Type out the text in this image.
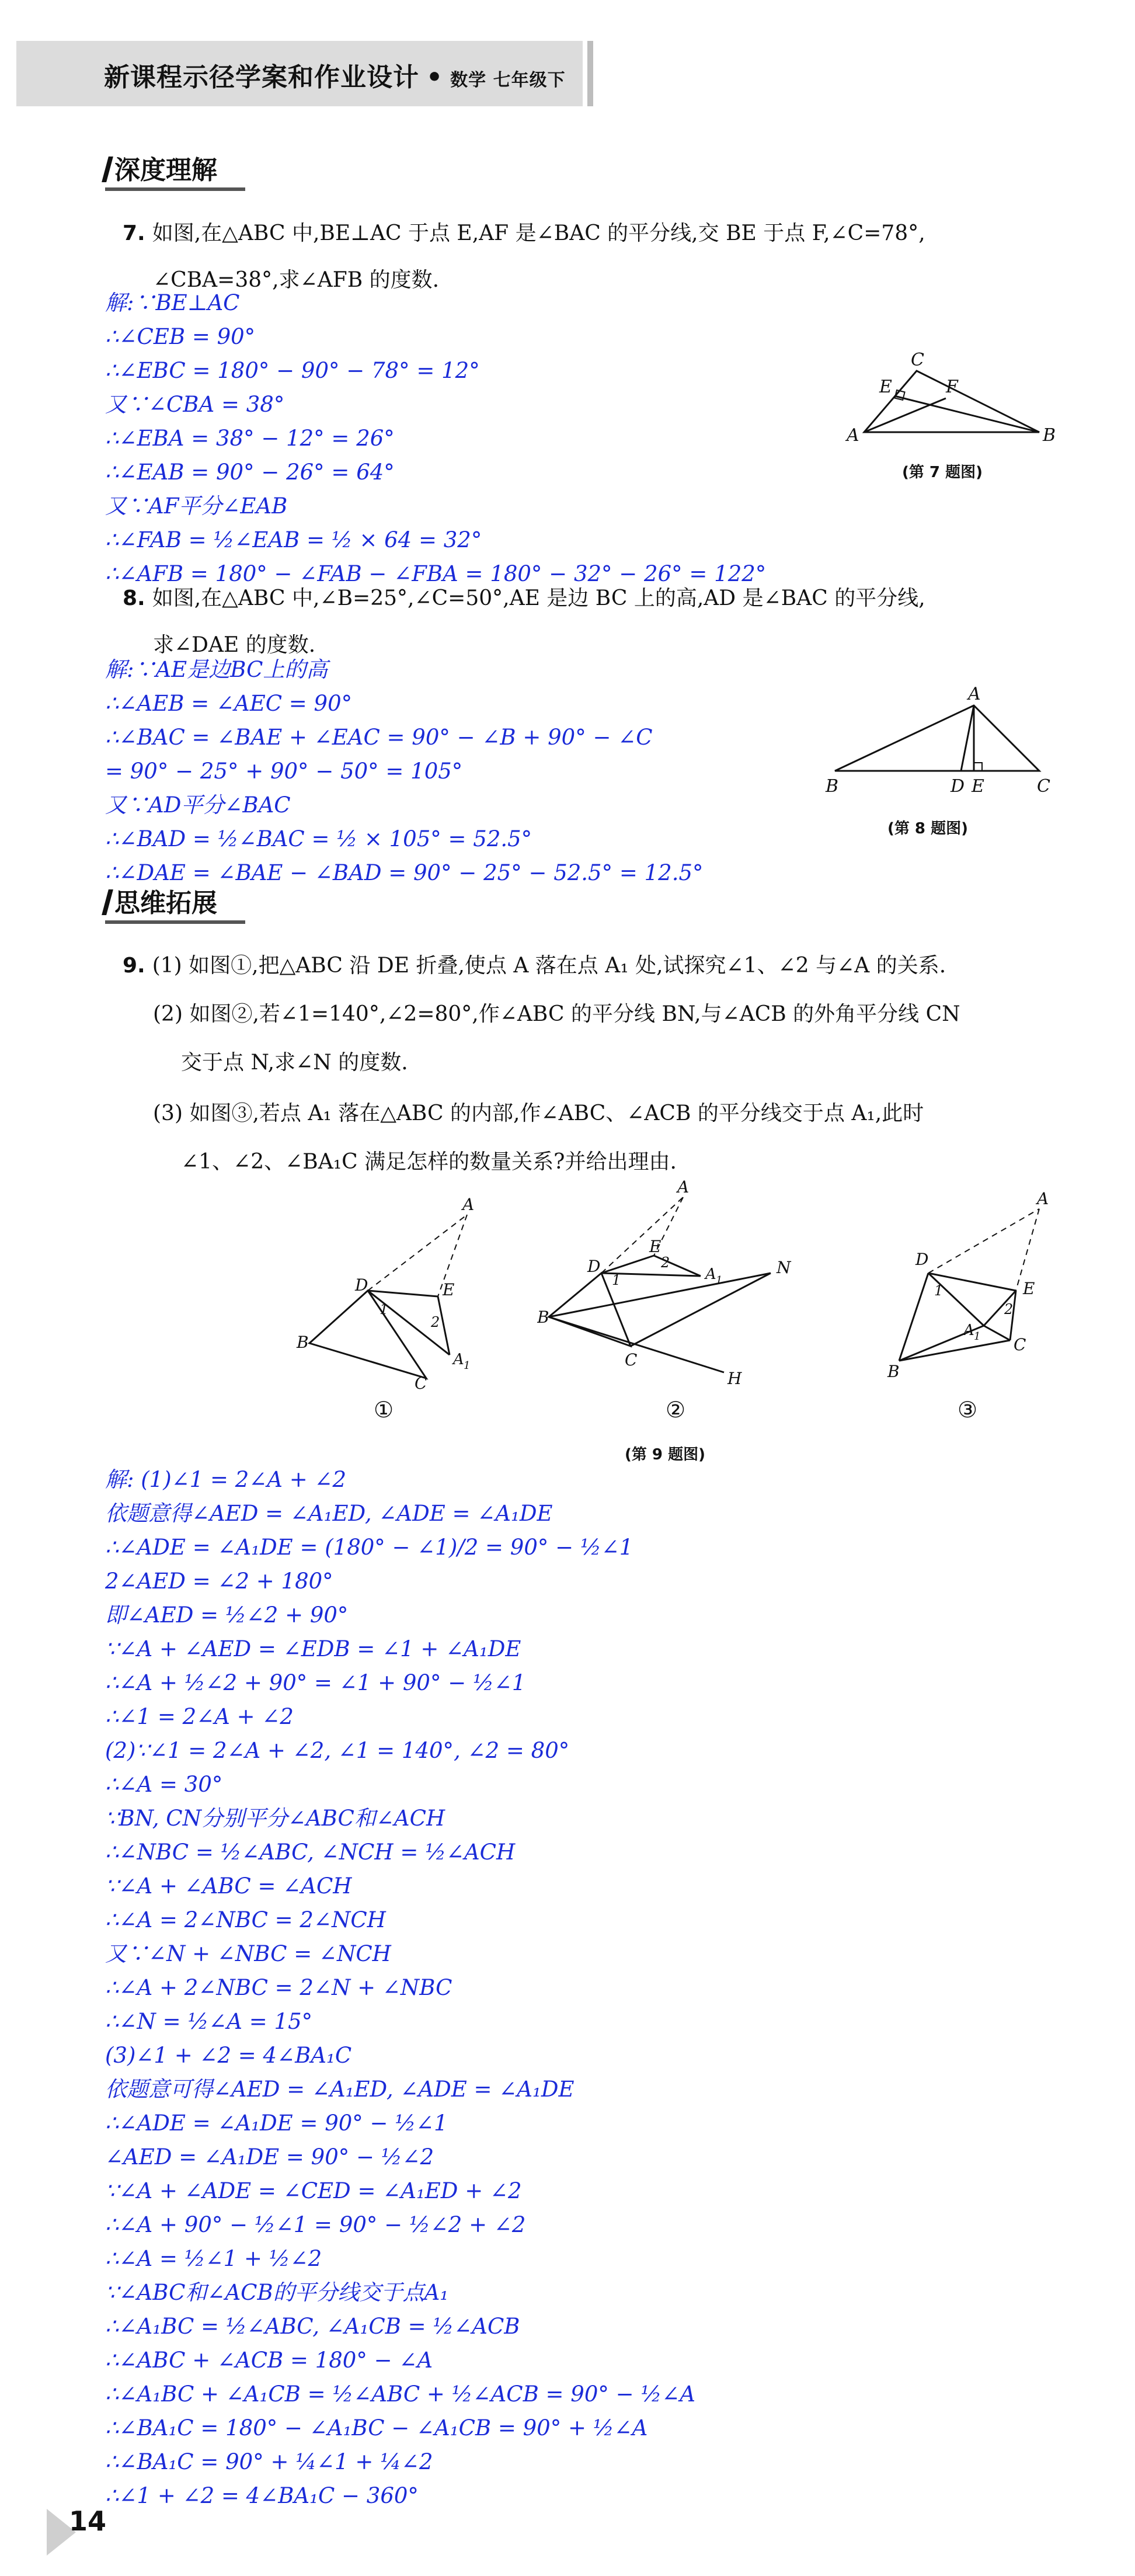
新课程示径学案和作业设计 • 数学 七年级下
深度理解
7. 如图,在△ABC 中,BE⊥AC 于点 E,AF 是∠BAC 的平分线,交 BE 于点 F,∠C=78°,
∠CBA=38°,求∠AFB 的度数.
解:∵BE⊥AC
∴∠CEB = 90°
∴∠EBC = 180° − 90° − 78° = 12°
又∵∠CBA = 38°
∴∠EBA = 38° − 12° = 26°
∴∠EAB = 90° − 26° = 64°
又∵AF平分∠EAB
∴∠FAB = ½∠EAB = ½ × 64 = 32°
∴∠AFB = 180° − ∠FAB − ∠FBA = 180° − 32° − 26° = 122°
C
E	F
A	B
(第 7 题图)
8. 如图,在△ABC 中,∠B=25°,∠C=50°,AE 是边 BC 上的高,AD 是∠BAC 的平分线,
求∠DAE 的度数.
解:∵AE是边BC上的高
∴∠AEB = ∠AEC = 90°
∴∠BAC = ∠BAE + ∠EAC = 90° − ∠B + 90° − ∠C
= 90° − 25° + 90° − 50° = 105°
又∵AD平分∠BAC
∴∠BAD = ½∠BAC = ½ × 105° = 52.5°
∴∠DAE = ∠BAE − ∠BAD = 90° − 25° − 52.5° = 12.5°
A
B	D E	C
(第 8 题图)
思维拓展
9. (1) 如图①,把△ABC 沿 DE 折叠,使点 A 落在点 A₁ 处,试探究∠1、∠2 与∠A 的关系.
(2) 如图②,若∠1=140°,∠2=80°,作∠ABC 的平分线 BN,与∠ACB 的外角平分线 CN
交于点 N,求∠N 的度数.
(3) 如图③,若点 A₁ 落在△ABC 的内部,作∠ABC、∠ACB 的平分线交于点 A₁,此时
∠1、∠2、∠BA₁C 满足怎样的数量关系?并给出理由.
A
D	E
1
2
B
C
A 1
A
D
E
1
2
A 1
N
B
C
H
A
D
E
1
2
A 1
B
C
①	②	③
(第 9 题图)
解: (1)∠1 = 2∠A + ∠2
依题意得∠AED = ∠A₁ED, ∠ADE = ∠A₁DE
∴∠ADE = ∠A₁DE = (180° − ∠1)/2 = 90° − ½∠1
2∠AED = ∠2 + 180°
即∠AED = ½∠2 + 90°
∵∠A + ∠AED = ∠EDB = ∠1 + ∠A₁DE
∴∠A + ½∠2 + 90° = ∠1 + 90° − ½∠1
∴∠1 = 2∠A + ∠2
(2)∵∠1 = 2∠A + ∠2, ∠1 = 140°, ∠2 = 80°
∴∠A = 30°
∵BN, CN分别平分∠ABC和∠ACH
∴∠NBC = ½∠ABC, ∠NCH = ½∠ACH
∵∠A + ∠ABC = ∠ACH
∴∠A = 2∠NBC = 2∠NCH
又∵∠N + ∠NBC = ∠NCH
∴∠A + 2∠NBC = 2∠N + ∠NBC
∴∠N = ½∠A = 15°
(3)∠1 + ∠2 = 4∠BA₁C
依题意可得∠AED = ∠A₁ED, ∠ADE = ∠A₁DE
∴∠ADE = ∠A₁DE = 90° − ½∠1
∠AED = ∠A₁DE = 90° − ½∠2
∵∠A + ∠ADE = ∠CED = ∠A₁ED + ∠2
∴∠A + 90° − ½∠1 = 90° − ½∠2 + ∠2
∴∠A = ½∠1 + ½∠2
∵∠ABC和∠ACB的平分线交于点A₁
∴∠A₁BC = ½∠ABC, ∠A₁CB = ½∠ACB
∴∠ABC + ∠ACB = 180° − ∠A
∴∠A₁BC + ∠A₁CB = ½∠ABC + ½∠ACB = 90° − ½∠A
∴∠BA₁C = 180° − ∠A₁BC − ∠A₁CB = 90° + ½∠A
∴∠BA₁C = 90° + ¼∠1 + ¼∠2
∴∠1 + ∠2 = 4∠BA₁C − 360°
14
